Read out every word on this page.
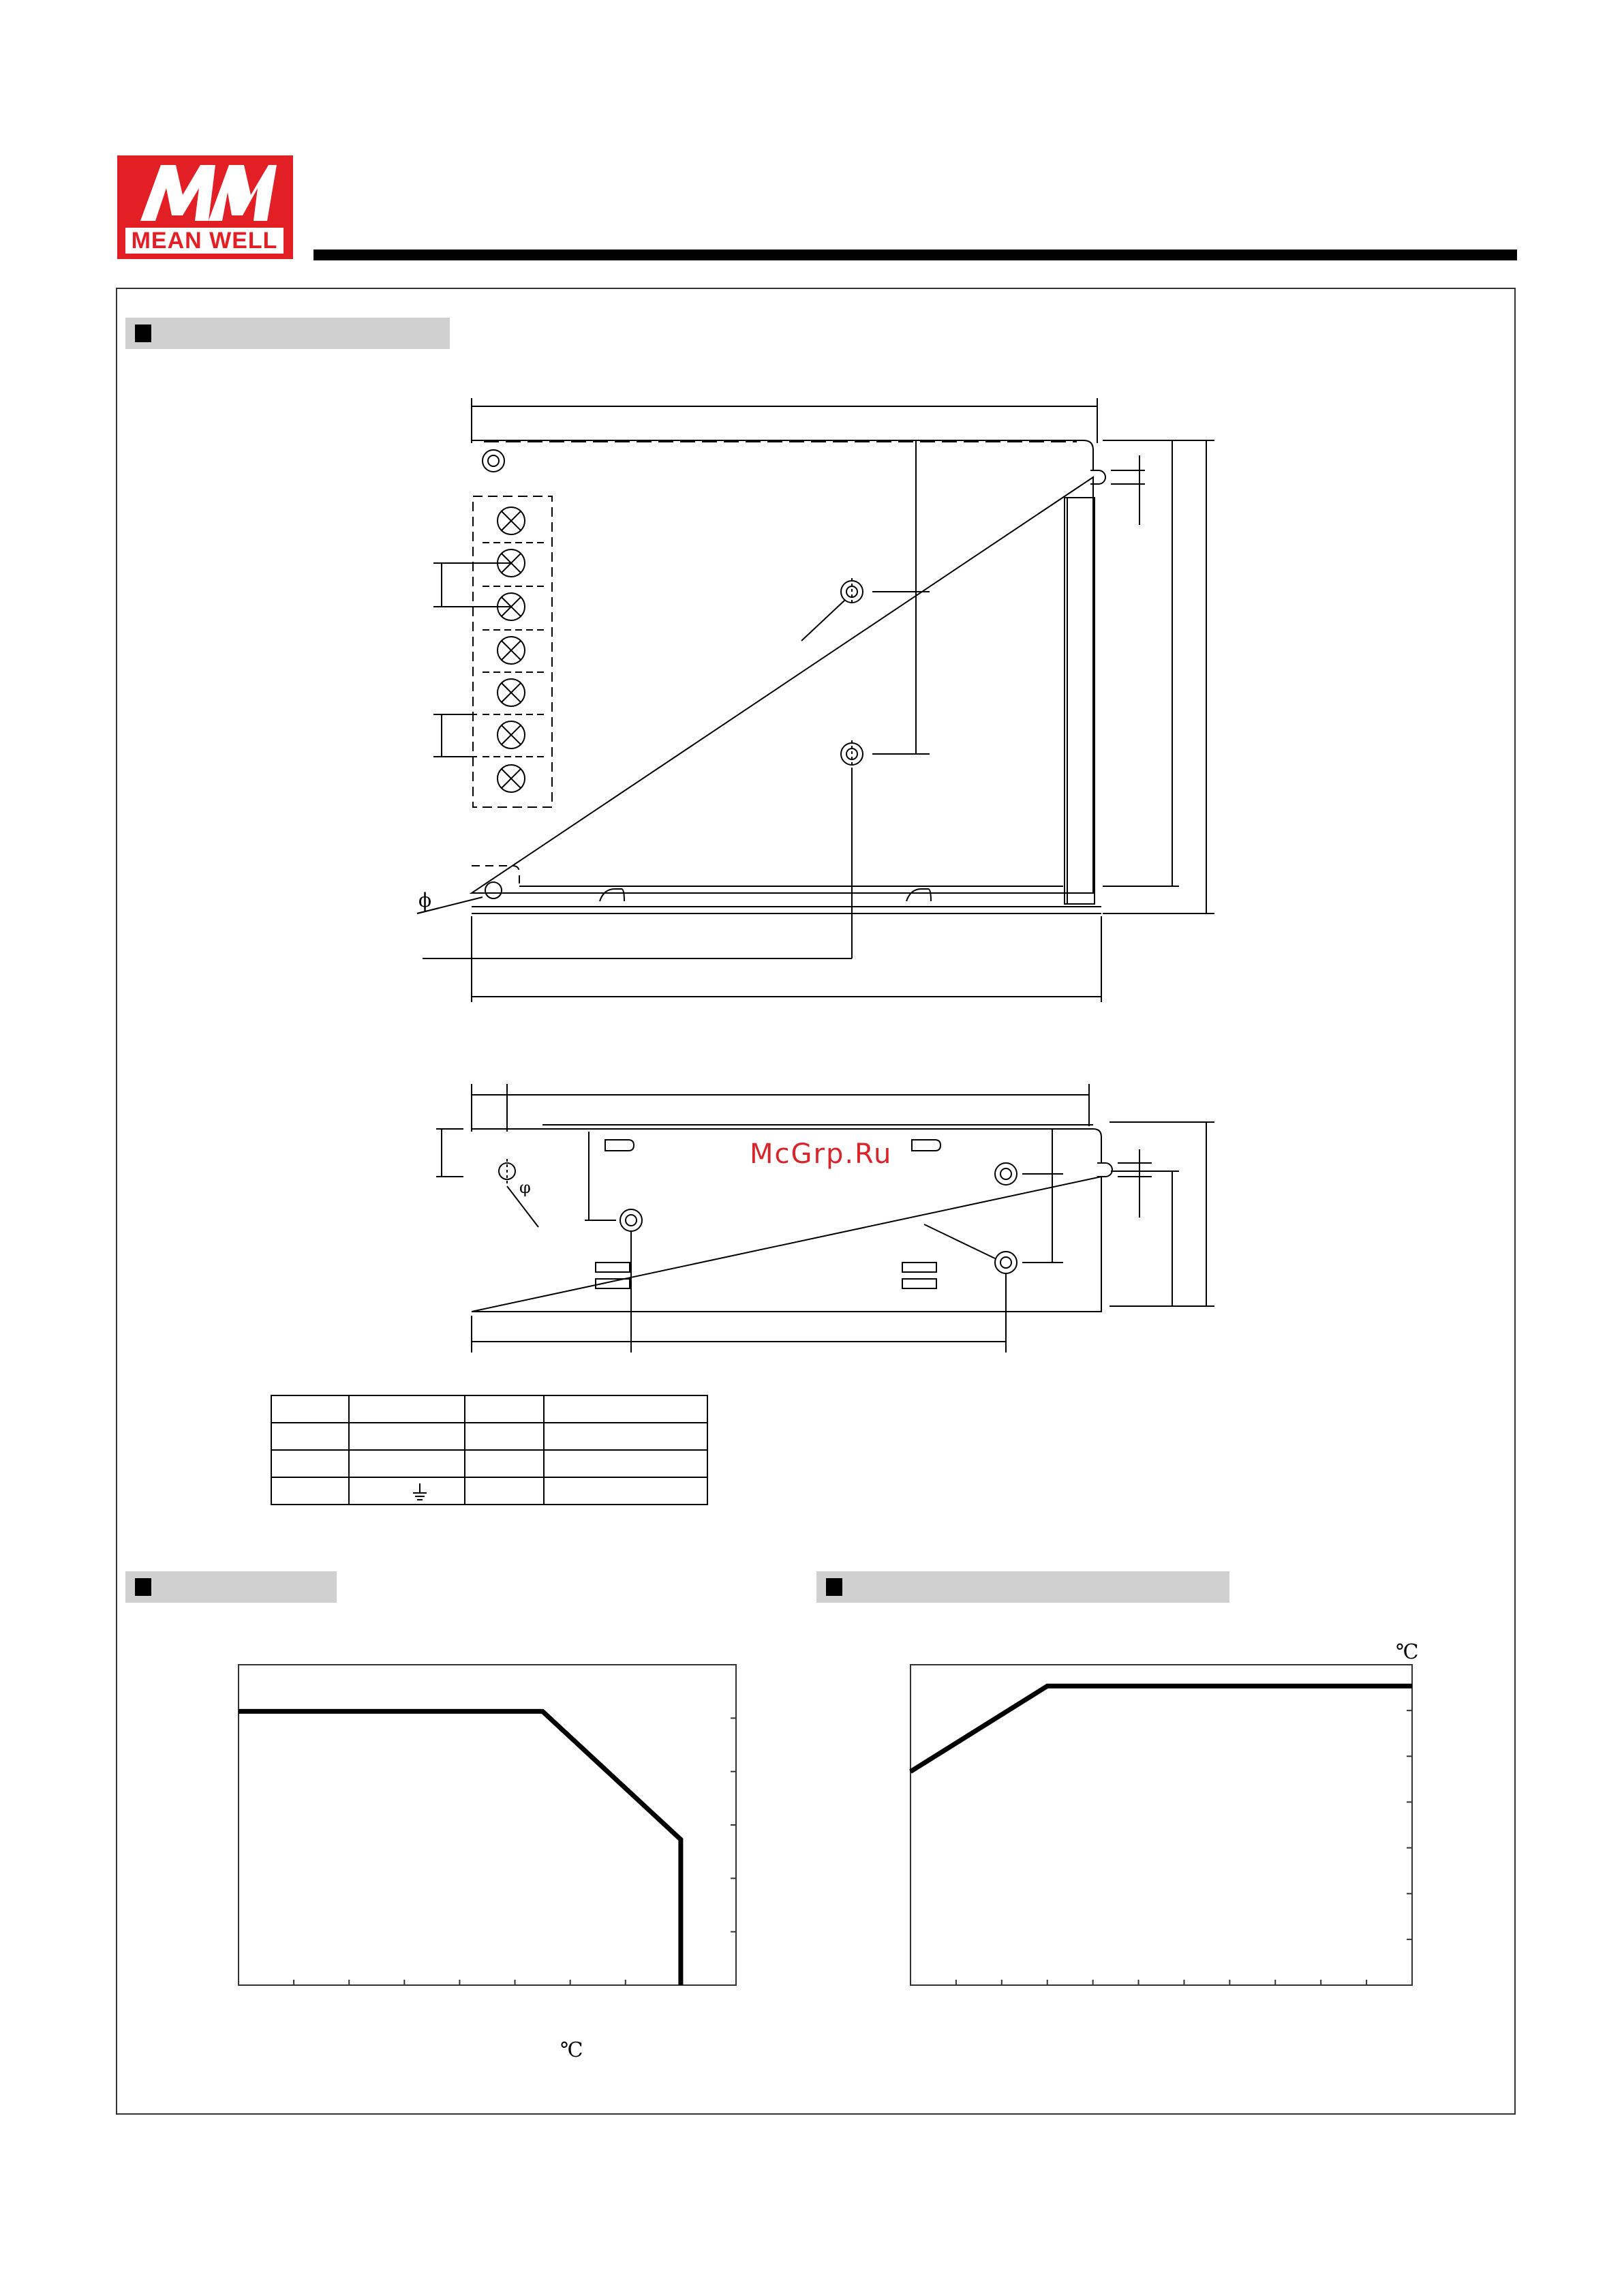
MEAN WELL
ϕ
φ
McGrp.Ru
℃
℃
